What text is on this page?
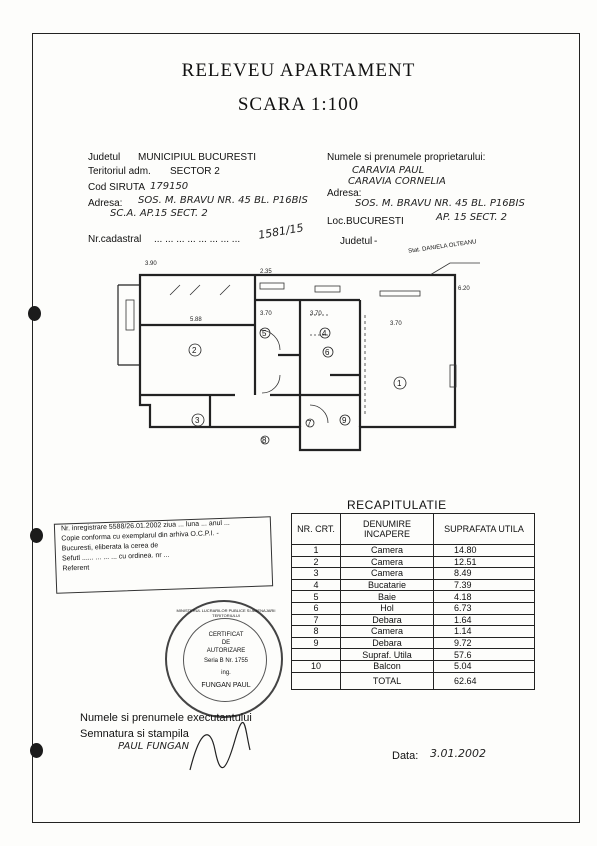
RELEVEU APARTAMENT
SCARA 1:100
Judetul MUNICIPIUL BUCURESTI
Teritoriul adm. SECTOR 2
Cod SIRUTA 179150
Adresa: SOS. M. BRAVU NR. 45 BL. P16BIS
SC.A. AP.15 SECT. 2
Nr.cadastral ... ... ... ... ... ... ... ... 1581/15
Numele si prenumele proprietarului:
CARAVIA PAUL
CARAVIA CORNELIA
Adresa:
SOS. M. BRAVU NR. 45 BL. P16BIS
Loc. BUCURESTI	AP. 15 SECT. 2
Judetul -	Stat. DANIELA OLTEANU
3.90
2.35
5.88
3.70	3.70
3.70
6.20
2
5
6
4
1
3
8
7	9
RECAPITULATIE
NR. CRT.	DENUMIRE INCAPERE	SUPRAFATA UTILA
1	Camera	14.80
2	Camera	12.51
3	Camera	8.49
4	Bucatarie	7.39
5	Baie	4.18
6	Hol	6.73
7	Debara	1.64
8	Camera	1.14
9	Debara	9.72
	Supraf. Utila	57.6
10	Balcon	5.04
	TOTAL	62.64
Nr. inregistrare 5588/26.01.2002 ziua ... luna ... anul ...
Copie conforma cu exemplarul din arhiva O.C.P.I. -
Bucuresti, eliberata la cerea de
Sefutl ...... ... ... ... cu ordinea. nr ...
Referent
MINISTERUL LUCRARILOR PUBLICE SI AMENAJARII TERITORIULUI
CERTIFICAT
DE
AUTORIZARE
Seria B Nr. 1755
ing.
FUNGAN PAUL
Numele si prenumele executantului
Semnatura si stampila
PAUL FUNGAN
Data: 3.01.2002
